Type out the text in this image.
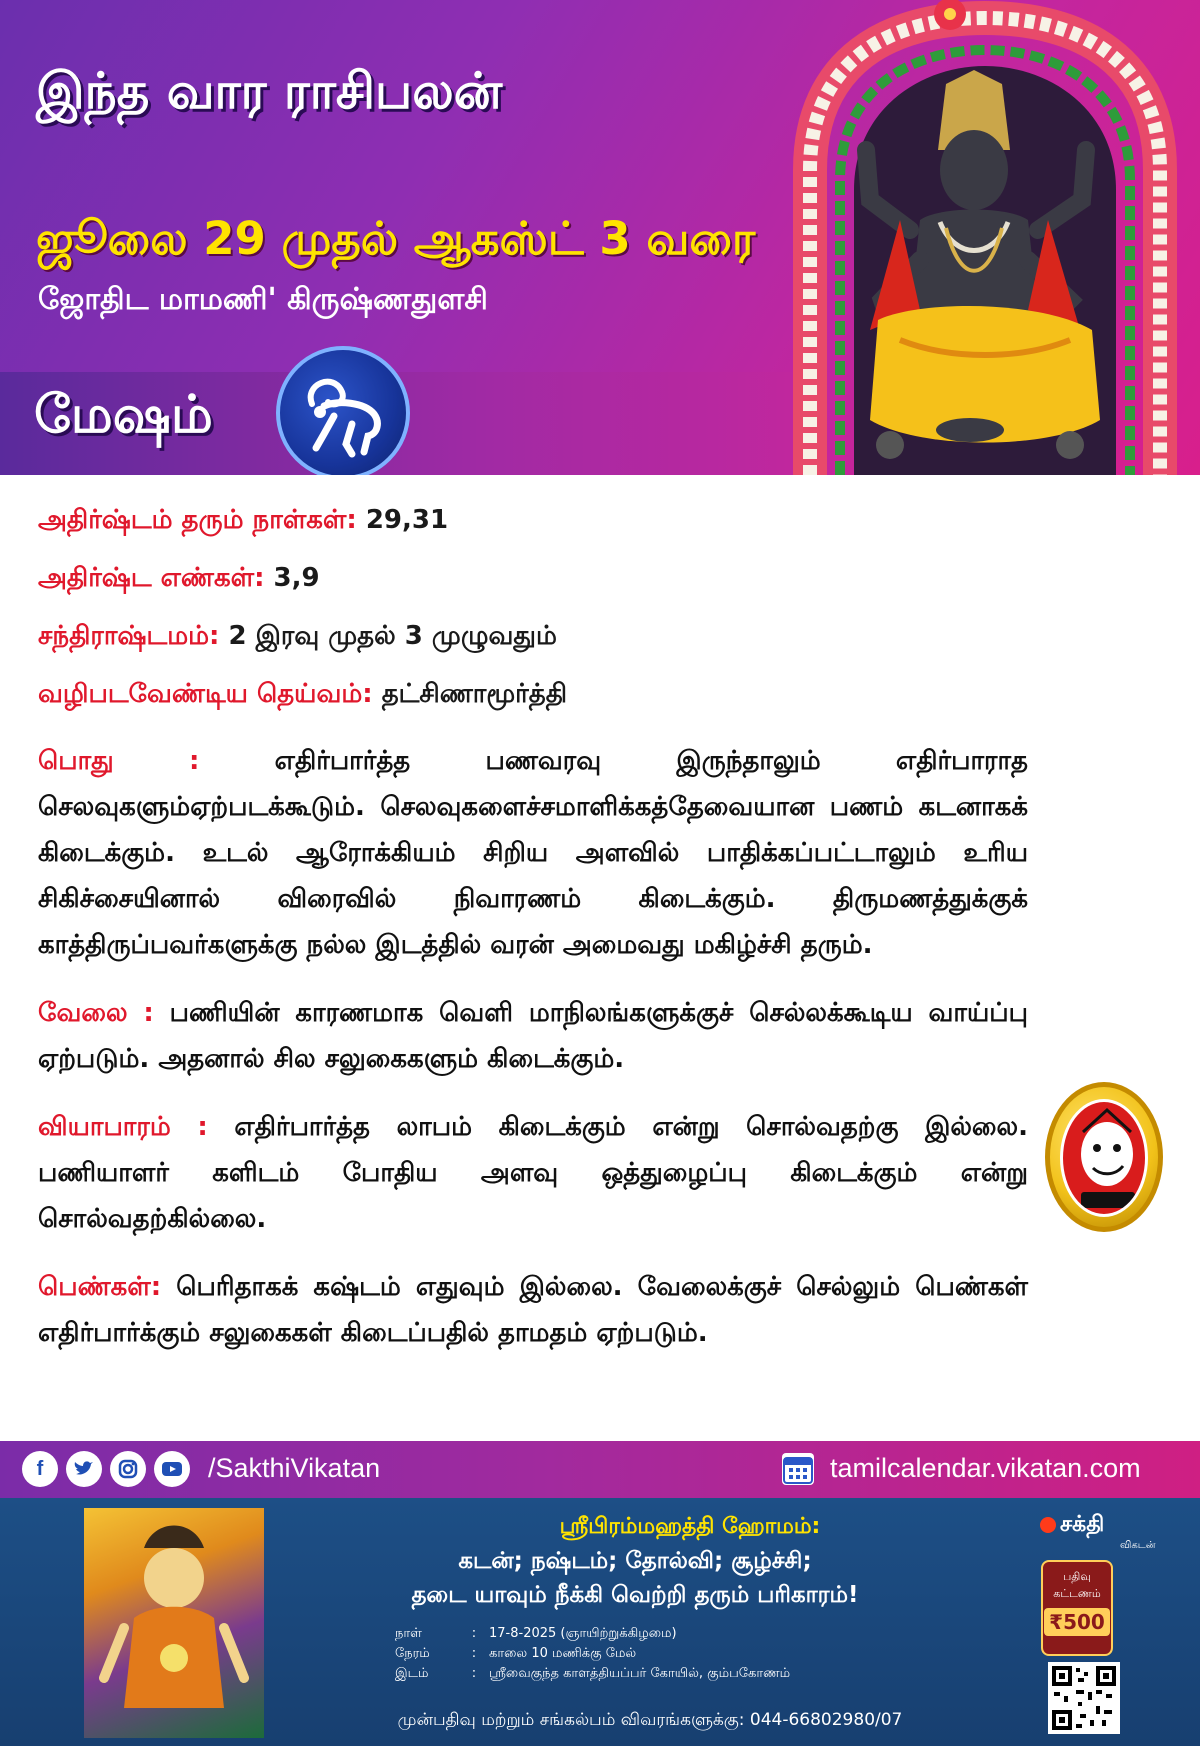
இந்த வார ராசிபலன்
ஜூலை 29 முதல் ஆகஸ்ட் 3 வரை
ஜோதிட மாமணி' கிருஷ்ணதுளசி
மேஷம்
அதிர்ஷ்டம் தரும் நாள்கள்: 29,31
அதிர்ஷ்ட எண்கள்: 3,9
சந்திராஷ்டமம்: 2 இரவு முதல் 3 முழுவதும்
வழிபடவேண்டிய தெய்வம்: தட்சிணாமூர்த்தி

பொது :	எதிர்பார்த்த பணவரவு இருந்தாலும் எதிர்பாராத செலவுகளும்ஏற்படக்கூடும். செலவுகளைச்சமாளிக்கத்தேவையான பணம் கடனாகக் கிடைக்கும். உடல் ஆரோக்கியம் சிறிய அளவில் பாதிக்கப்பட்டாலும் உரிய சிகிச்சையினால் விரைவில் நிவாரணம் கிடைக்கும். திருமணத்துக்குக் காத்திருப்பவர்களுக்கு நல்ல இடத்தில் வரன் அமைவது மகிழ்ச்சி தரும்.

வேலை : பணியின் காரணமாக வெளி மாநிலங்களுக்குச் செல்லக்கூடிய வாய்ப்பு ஏற்படும். அதனால் சில சலுகைகளும் கிடைக்கும்.

வியாபாரம் : எதிர்பார்த்த லாபம் கிடைக்கும் என்று சொல்வதற்கு இல்லை. பணியாளர் களிடம் போதிய அளவு ஒத்துழைப்பு கிடைக்கும் என்று சொல்வதற்கில்லை.

பெண்கள்: பெரிதாகக் கஷ்டம் எதுவும் இல்லை. வேலைக்குச் செல்லும் பெண்கள் எதிர்பார்க்கும் சலுகைகள் கிடைப்பதில் தாமதம் ஏற்படும்.

f	/SakthiVikatan	tamilcalendar.vikatan.com
ஸ்ரீபிரம்மஹத்தி ஹோமம்:
கடன்; நஷ்டம்; தோல்வி; சூழ்ச்சி;
தடை யாவும் நீக்கி வெற்றி தரும் பரிகாரம்!
நாள்	: 17-8-2025 (ஞாயிற்றுக்கிழமை)
நேரம்	: காலை 10 மணிக்கு மேல்
இடம்	: ஸ்ரீவைகுந்த காளத்தியப்பர் கோயில், கும்பகோணம்
முன்பதிவு மற்றும் சங்கல்பம் விவரங்களுக்கு: 044-66802980/07
சக்தி
விகடன்
பதிவு
கட்டணம்
₹500
